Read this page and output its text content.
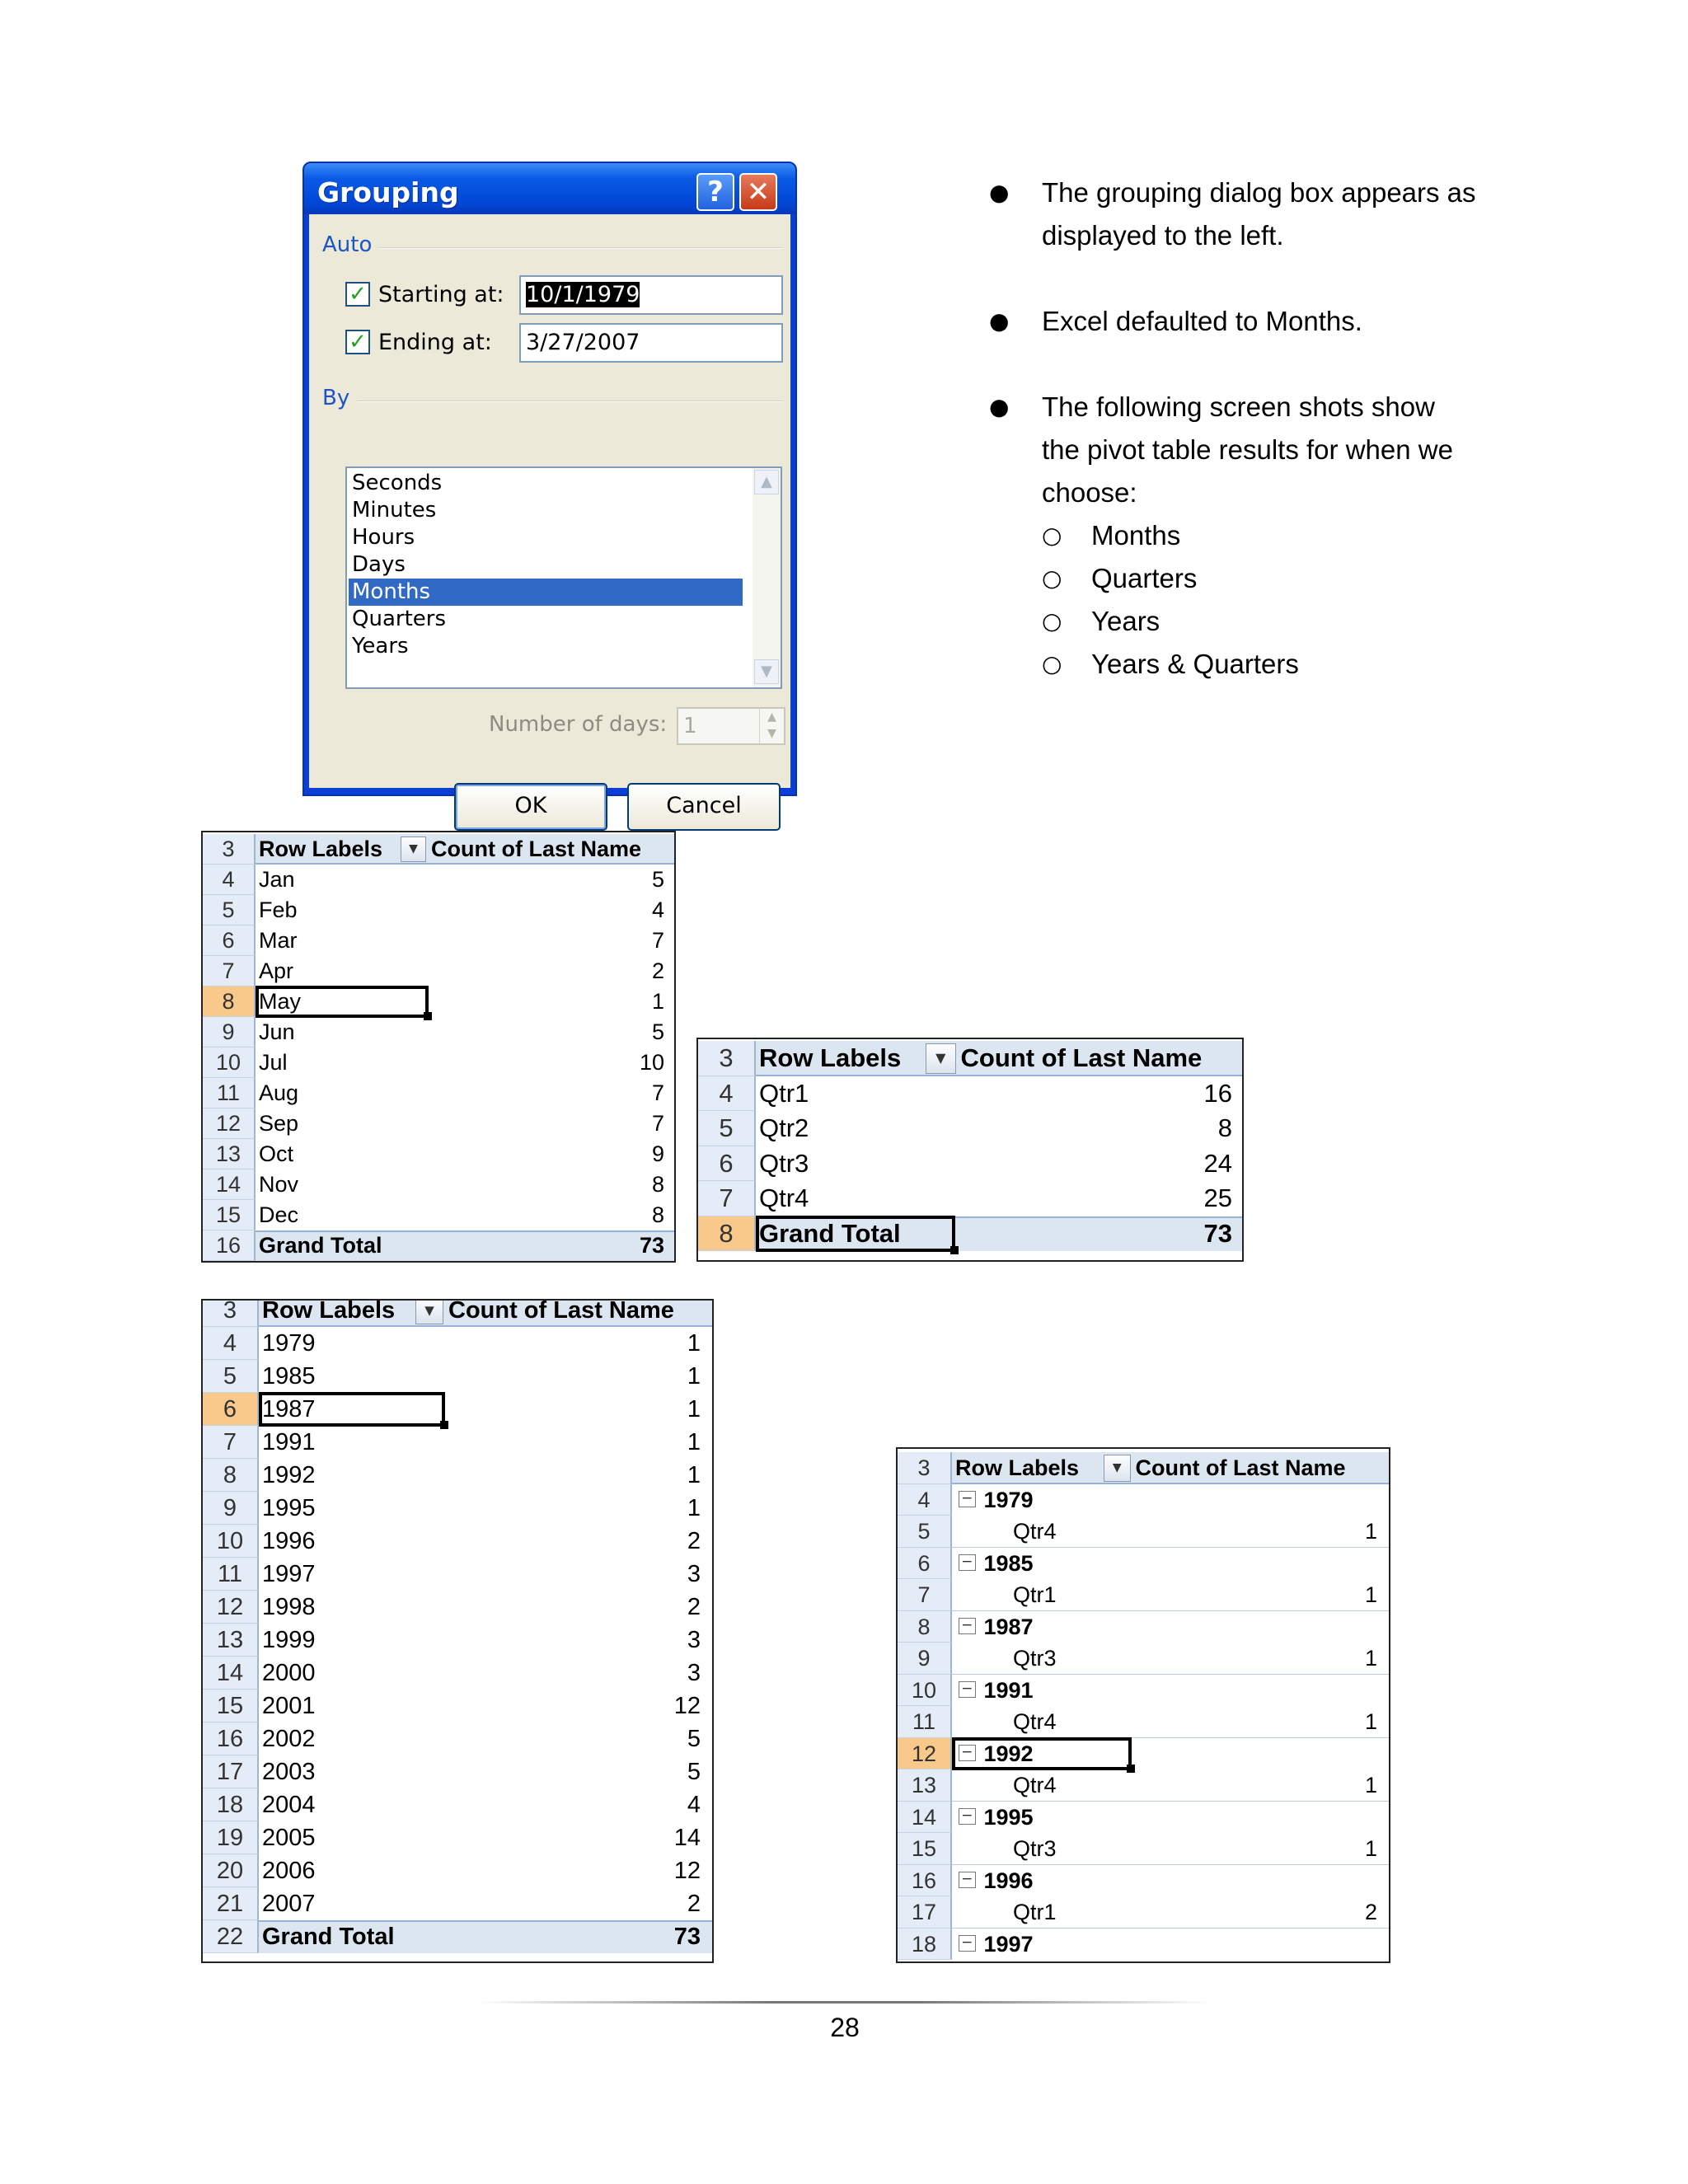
Grouping	? ✕
Auto
✓ Starting at: 10/1/1979
✓ Ending at: 3/27/2007
By
▲
▼
Seconds
Minutes
Hours
Days
Months
Quarters
Years
Number of days: 1	▲
▼
OK	Cancel
● The grouping dialog box appears as
displayed to the left.
● Excel defaulted to Months.
● The following screen shots show
the pivot table results for when we
choose:
○ Months
○ Quarters
○ Years
○ Years & Quarters
3	Row Labels	▼ Count of Last Name
4	Jan	5
5	Feb	4
6	Mar	7
7	Apr	2
8	May	1
9	Jun	5
10 Jul	10
11 Aug	7
12 Sep	7
13 Oct	9
14 Nov	8
15 Dec	8
16 Grand Total	73
3	Row Labels	▼ Count of Last Name
4	Qtr1	16
5	Qtr2	8
6	Qtr3	24
7	Qtr4	25
8	Grand Total	73
3	Row Labels	▼ Count of Last Name
4	1979	1
5	1985	1
6	1987	1
7	1991	1
8	1992	1
9	1995	1
10 1996	2
11 1997	3
12 1998	2
13 1999	3
14 2000	3
15 2001	12
16 2002	5
17 2003	5
18 2004	4
19 2005	14
20 2006	12
21 2007	2
22 Grand Total	73
3	Row Labels	▼ Count of Last Name
4	− 1979
5	Qtr4	1
6	− 1985
7	Qtr1	1
8	− 1987
9	Qtr3	1
10	− 1991
11	Qtr4	1
12	− 1992
13	Qtr4	1
14	− 1995
15	Qtr3	1
16	− 1996
17	Qtr1	2
18	− 1997
28
